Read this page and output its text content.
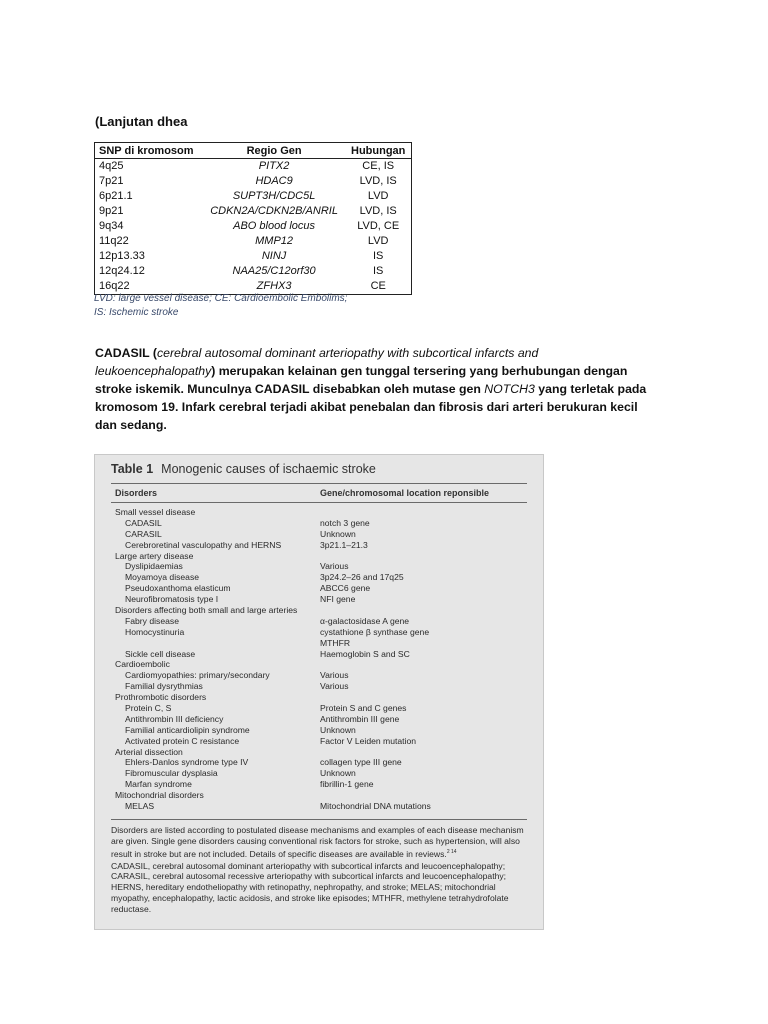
(Lanjutan dhea
SNP di kromosom	Regio Gen	Hubungan
4q25	PITX2	CE, IS
7p21	HDAC9	LVD, IS
6p21.1	SUPT3H/CDC5L	LVD
9p21	CDKN2A/CDKN2B/ANRIL	LVD, IS
9q34	ABO blood locus	LVD, CE
11q22	MMP12	LVD
12p13.33	NINJ	IS
12q24.12	NAA25/C12orf30	IS
16q22	ZFHX3	CE
LVD: large vessel disease; CE: Cardioembolic Embolims;
IS: Ischemic stroke
CADASIL (cerebral autosomal dominant arteriopathy with subcortical infarcts and leukoencephalopathy) merupakan kelainan gen tunggal tersering yang berhubungan dengan stroke iskemik. Munculnya CADASIL disebabkan oleh mutase gen NOTCH3 yang terletak pada kromosom 19. Infark cerebral terjadi akibat penebalan dan fibrosis dari arteri berukuran kecil dan sedang.
Table 1 Monogenic causes of ischaemic stroke
Disorders	Gene/chromosomal location reponsible
Small vessel disease
CADASIL	notch 3 gene
CARASIL	Unknown
Cerebroretinal vasculopathy and HERNS	3p21.1–21.3
Large artery disease
Dyslipidaemias	Various
Moyamoya disease	3p24.2–26 and 17q25
Pseudoxanthoma elasticum	ABCC6 gene
Neurofibromatosis type I	NFI gene
Disorders affecting both small and large arteries
Fabry disease	α-galactosidase A gene
Homocystinuria	cystathione β synthase gene
MTHFR
Sickle cell disease	Haemoglobin S and SC
Cardioembolic
Cardiomyopathies: primary/secondary	Various
Familial dysrythmias	Various
Prothrombotic disorders
Protein C, S	Protein S and C genes
Antithrombin III deficiency	Antithrombin III gene
Familial anticardiolipin syndrome	Unknown
Activated protein C resistance	Factor V Leiden mutation
Arterial dissection
Ehlers-Danlos syndrome type IV	collagen type III gene
Fibromuscular dysplasia	Unknown
Marfan syndrome	fibrillin-1 gene
Mitochondrial disorders
MELAS	Mitochondrial DNA mutations

Disorders are listed according to postulated disease mechanisms and examples of each disease mechanism are given. Single gene disorders causing conventional risk factors for stroke, such as hypertension, will also result in stroke but are not included. Details of specific diseases are available in reviews.$^{2 14}$

CADASIL, cerebral autosomal dominant arteriopathy with subcortical infarcts and leucoencephalopathy; CARASIL, cerebral autosomal recessive arteriopathy with subcortical infarcts and leucoencephalopathy; HERNS, hereditary endotheliopathy with retinopathy, nephropathy, and stroke; MELAS; mitochondrial myopathy, encephalopathy, lactic acidosis, and stroke like episodes; MTHFR, methylene tetrahydrofolate reductase.
